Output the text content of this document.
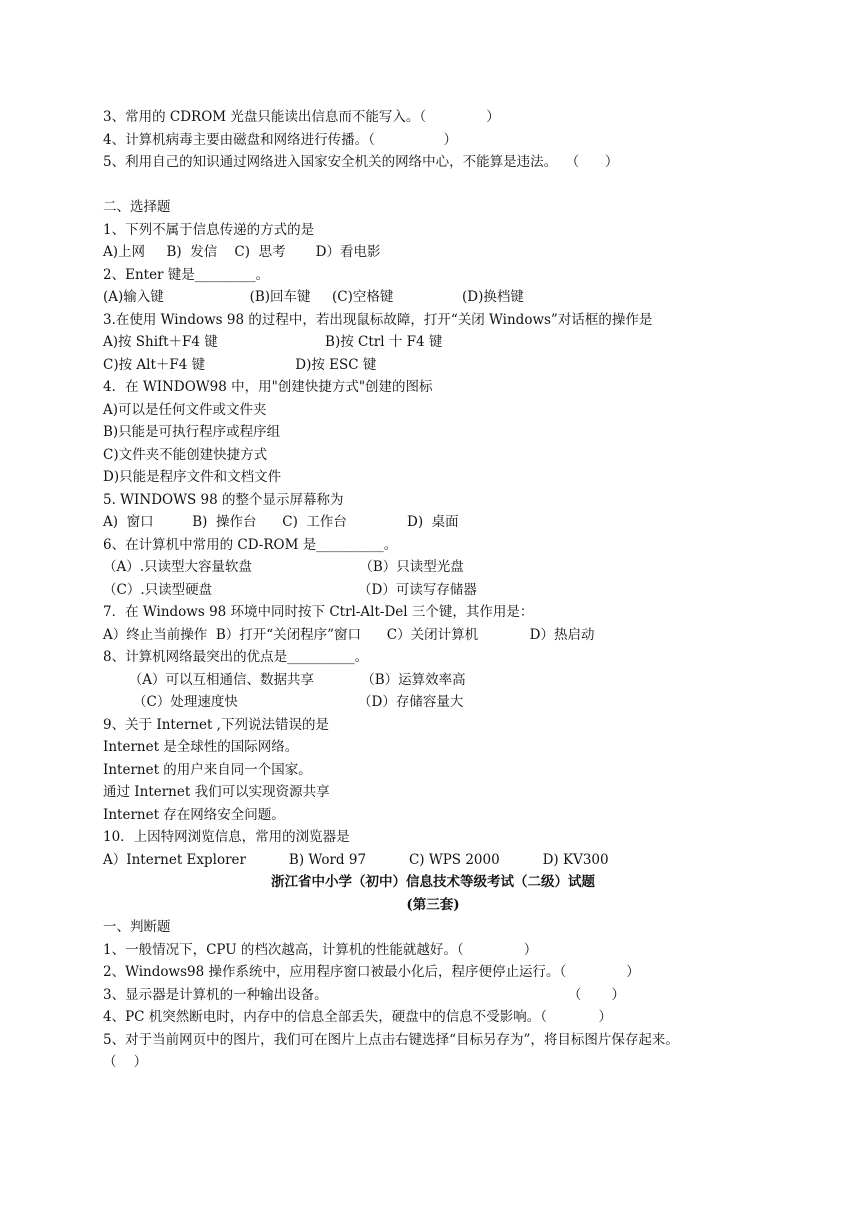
3、常用的 CDROM 光盘只能读出信息而不能写入。（              ）
4、计算机病毒主要由磁盘和网络进行传播。（                ）
5、利用自己的知识通过网络进入国家安全机关的网络中心，不能算是违法。  （      ）
二、选择题
1、下列不属于信息传递的方式的是
A)上网     B)  发信    C)  思考       D）看电影
2、Enter 键是_________。
(A)输入键                    (B)回车键     (C)空格键                (D)换档键
3.在使用 Windows 98 的过程中，若出现鼠标故障，打开“关闭 Windows”对话框的操作是
A)按 Shift＋F4 键                         B)按 Ctrl 十 F4 键
C)按 Alt＋F4 键                     D)按 ESC 键
4．在 WINDOW98 中，用"创建快捷方式"创建的图标
A)可以是任何文件或文件夹
B)只能是可执行程序或程序组
C)文件夹不能创建快捷方式
D)只能是程序文件和文档文件
5. WINDOWS 98 的整个显示屏幕称为
A)  窗口         B)  操作台      C)  工作台              D)  桌面
6、在计算机中常用的 CD-ROM 是__________。
（A）.只读型大容量软盘                         （B）只读型光盘
（C）.只读型硬盘                                  （D）可读写存储器
7．在 Windows 98 环境中同时按下 Ctrl-Alt-Del 三个键，其作用是：
A）终止当前操作  B）打开“关闭程序”窗口      C）关闭计算机            D）热启动
8、计算机网络最突出的优点是__________。
（A）可以互相通信、数据共享           （B）运算效率高
（C）处理速度快                            （D）存储容量大
9、关于 Internet ,下列说法错误的是
Internet 是全球性的国际网络。
Internet 的用户来自同一个国家。
通过 Internet 我们可以实现资源共享
Internet 存在网络安全问题。
10．上因特网浏览信息，常用的浏览器是
A）Internet Explorer          B) Word 97          C) WPS 2000          D) KV300
浙江省中小学（初中）信息技术等级考试（二级）试题
(第三套)
一、判断题
1、一般情况下，CPU 的档次越高，计算机的性能就越好。（              ）
2、Windows98 操作系统中，应用程序窗口被最小化后，程序便停止运行。（              ）
3、显示器是计算机的一种输出设备。                                                        （       ）
4、PC 机突然断电时，内存中的信息全部丢失，硬盘中的信息不受影响。（            ）
5、对于当前网页中的图片，我们可在图片上点击右键选择“目标另存为”，将目标图片保存起来。
（    ）
